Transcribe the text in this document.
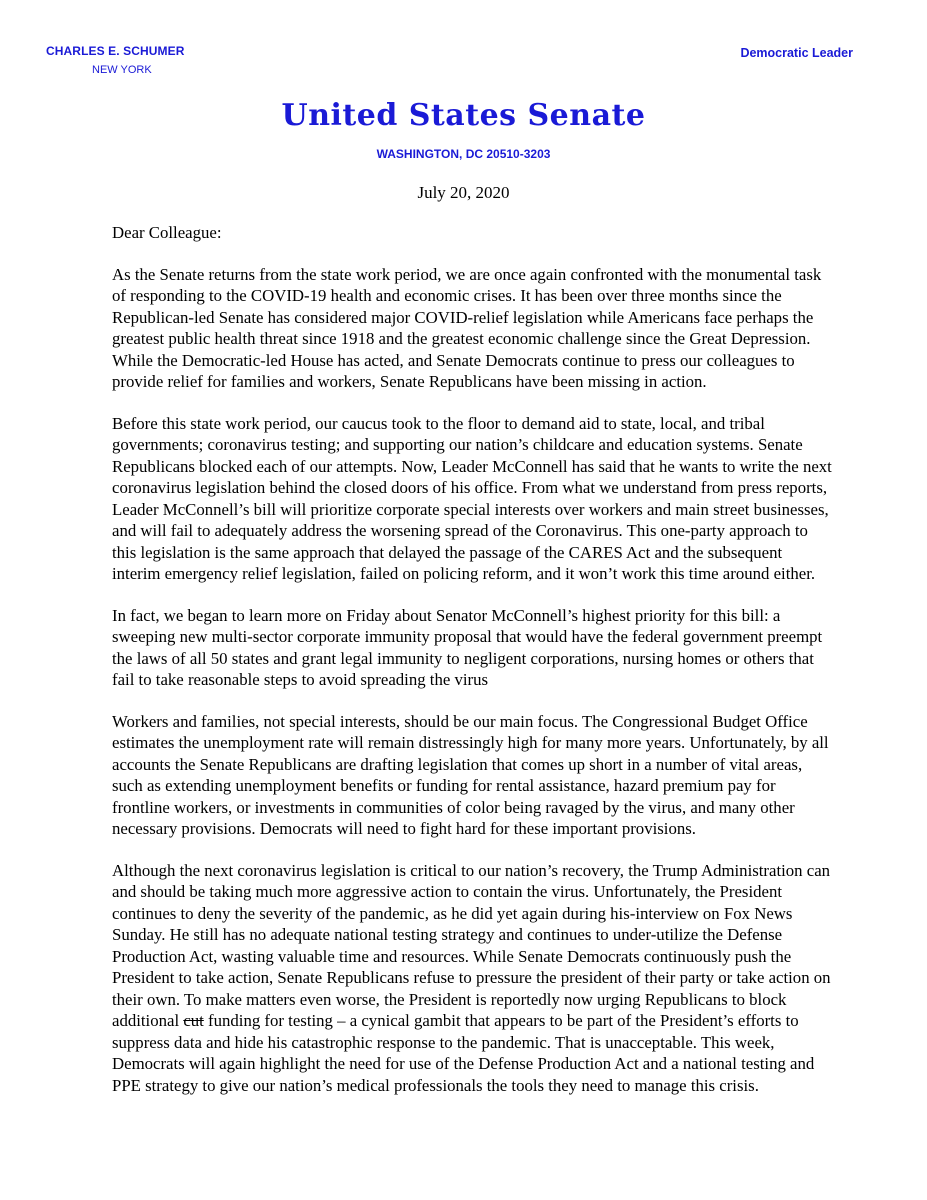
CHARLES E. SCHUMER
NEW YORK
Democratic Leader
United States Senate
WASHINGTON, DC 20510-3203
July 20, 2020

Dear Colleague:

As the Senate returns from the state work period, we are once again confronted with the monumental task of responding to the COVID-19 health and economic crises. It has been over three months since the Republican-led Senate has considered major COVID-relief legislation while Americans face perhaps the greatest public health threat since 1918 and the greatest economic challenge since the Great Depression. While the Democratic-led House has acted, and Senate Democrats continue to press our colleagues to provide relief for families and workers, Senate Republicans have been missing in action.

Before this state work period, our caucus took to the floor to demand aid to state, local, and tribal governments; coronavirus testing; and supporting our nation’s childcare and education systems. Senate Republicans blocked each of our attempts. Now, Leader McConnell has said that he wants to write the next coronavirus legislation behind the closed doors of his office. From what we understand from press reports, Leader McConnell’s bill will prioritize corporate special interests over workers and main street businesses, and will fail to adequately address the worsening spread of the Coronavirus. This one-party approach to this legislation is the same approach that delayed the passage of the CARES Act and the subsequent interim emergency relief legislation, failed on policing reform, and it won’t work this time around either.

In fact, we began to learn more on Friday about Senator McConnell’s highest priority for this bill: a sweeping new multi-sector corporate immunity proposal that would have the federal government preempt the laws of all 50 states and grant legal immunity to negligent corporations, nursing homes or others that fail to take reasonable steps to avoid spreading the virus

Workers and families, not special interests, should be our main focus. The Congressional Budget Office estimates the unemployment rate will remain distressingly high for many more years. Unfortunately, by all accounts the Senate Republicans are drafting legislation that comes up short in a number of vital areas, such as extending unemployment benefits or funding for rental assistance, hazard premium pay for frontline workers, or investments in communities of color being ravaged by the virus, and many other necessary provisions. Democrats will need to fight hard for these important provisions.

Although the next coronavirus legislation is critical to our nation’s recovery, the Trump Administration can and should be taking much more aggressive action to contain the virus. Unfortunately, the President continues to deny the severity of the pandemic, as he did yet again during his-interview on Fox News Sunday. He still has no adequate national testing strategy and continues to under-utilize the Defense Production Act, wasting valuable time and resources. While Senate Democrats continuously push the President to take action, Senate Republicans refuse to pressure the president of their party or take action on their own. To make matters even worse, the President is reportedly now urging Republicans to block additional cut funding for testing – a cynical gambit that appears to be part of the President’s efforts to suppress data and hide his catastrophic response to the pandemic. That is unacceptable. This week, Democrats will again highlight the need for use of the Defense Production Act and a national testing and PPE strategy to give our nation’s medical professionals the tools they need to manage this crisis.
